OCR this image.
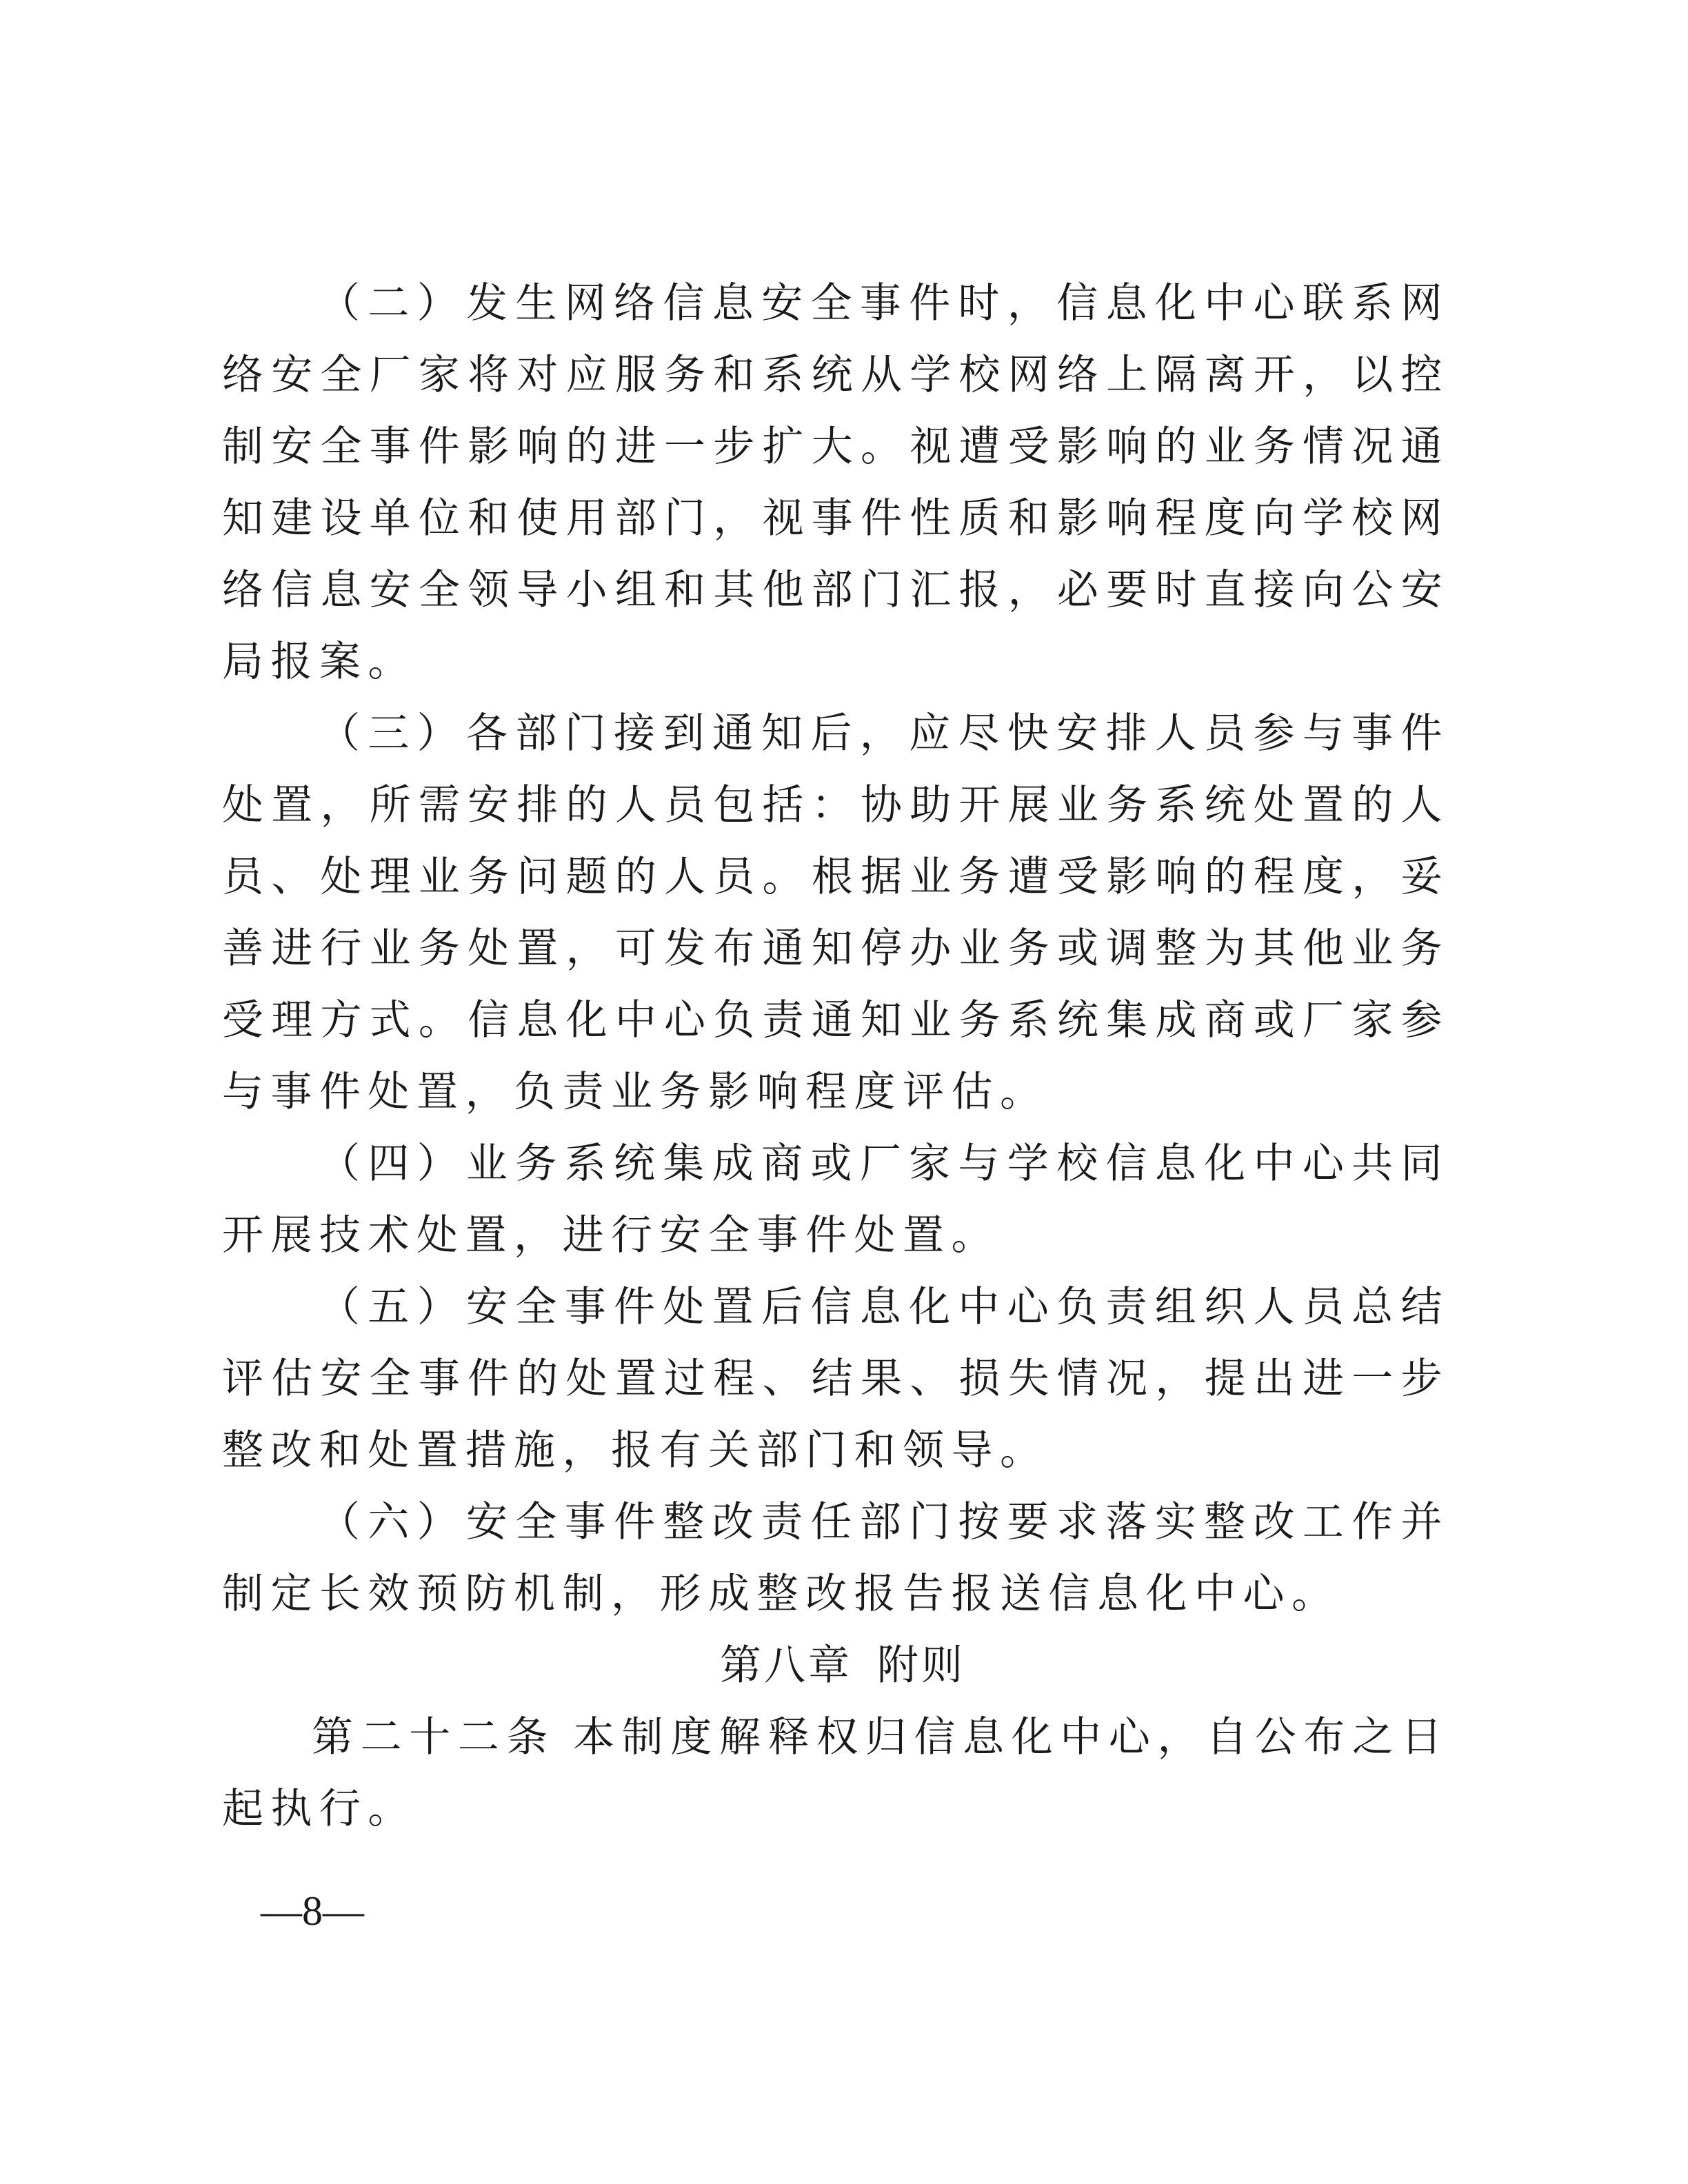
（二）发生网络信息安全事件时，信息化中心联系网络安全厂家将对应服务和系统从学校网络上隔离开，以控制安全事件影响的进一步扩大。视遭受影响的业务情况通知建设单位和使用部门，视事件性质和影响程度向学校网络信息安全领导小组和其他部门汇报，必要时直接向公安局报案。

（三）各部门接到通知后，应尽快安排人员参与事件处置，所需安排的人员包括：协助开展业务系统处置的人员、处理业务问题的人员。根据业务遭受影响的程度，妥善进行业务处置，可发布通知停办业务或调整为其他业务受理方式。信息化中心负责通知业务系统集成商或厂家参与事件处置，负责业务影响程度评估。

（四）业务系统集成商或厂家与学校信息化中心共同开展技术处置，进行安全事件处置。

（五）安全事件处置后信息化中心负责组织人员总结评估安全事件的处置过程、结果、损失情况，提出进一步整改和处置措施，报有关部门和领导。

（六）安全事件整改责任部门按要求落实整改工作并制定长效预防机制，形成整改报告报送信息化中心。

第八章 附则

第二十二条 本制度解释权归信息化中心，自公布之日起执行。

—8—
